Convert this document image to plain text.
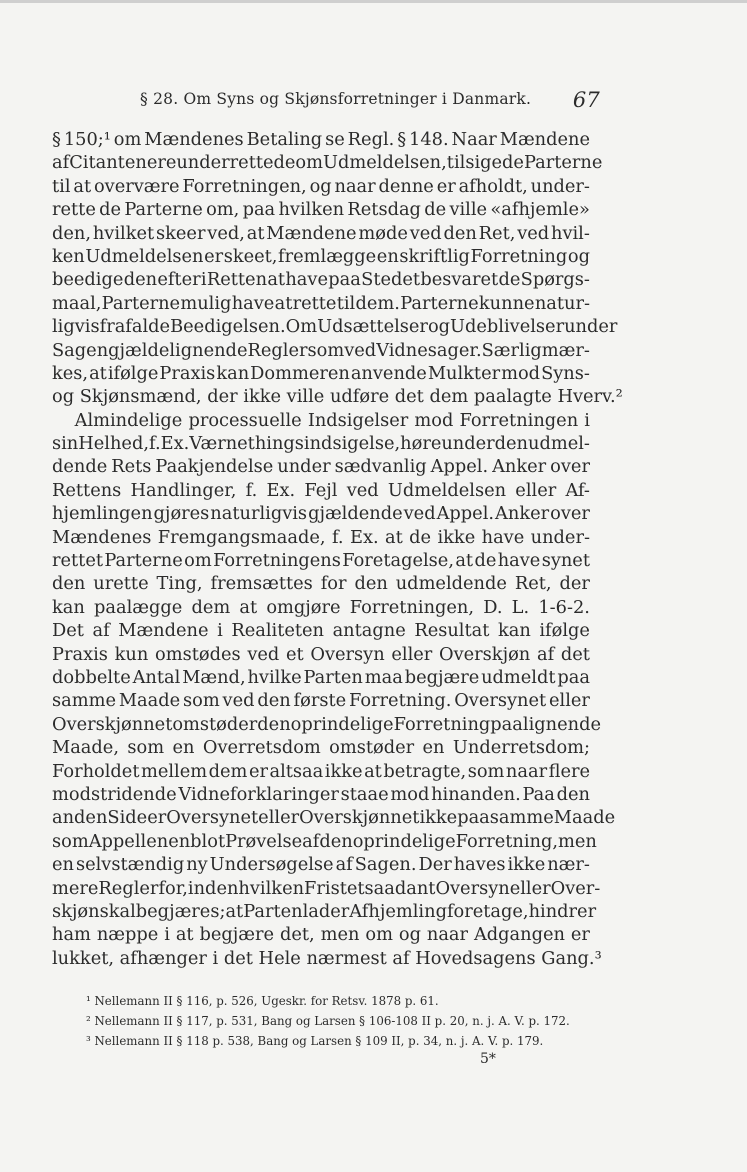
§ 28. Om Syns og Skjønsforretninger i Danmark. 67
§ 150;¹ om Mændenes Betaling se Regl. § 148. Naar Mændene
af Citanten ere underrettede om Udmeldelsen, tilsige de Parterne
til at overvære Forretningen, og naar denne er afholdt, under-
rette de Parterne om, paa hvilken Retsdag de ville «afhjemle»
den, hvilket skeer ved, at Mændene møde ved den Ret, ved hvil-
ken Udmeldelsen er skeet, fremlægge en skriftlig Forretning og
beedige den efter i Retten at have paa Stedet besvaret de Spørgs-
maal, Parterne mulig have at rette til dem. Parterne kunne natur-
ligvis frafalde Beedigelsen. Om Udsættelser og Udeblivelser under
Sagen gjælde lignende Regler som ved Vidnesager. Særlig mær-
kes, at ifølge Praxis kan Dommeren anvende Mulkter mod Syns-
og Skjønsmænd, der ikke ville udføre det dem paalagte Hverv.²
Almindelige processuelle Indsigelser mod Forretningen i
sin Helhed, f. Ex. Værnethingsindsigelse, høre under den udmel-
dende Rets Paakjendelse under sædvanlig Appel. Anker over
Rettens Handlinger, f. Ex. Fejl ved Udmeldelsen eller Af-
hjemlingen gjøres naturligvis gjældende ved Appel. Anker over
Mændenes Fremgangsmaade, f. Ex. at de ikke have under-
rettet Parterne om Forretningens Foretagelse, at de have synet
den urette Ting, fremsættes for den udmeldende Ret, der
kan paalægge dem at omgjøre Forretningen, D. L. 1-6-2.
Det af Mændene i Realiteten antagne Resultat kan ifølge
Praxis kun omstødes ved et Oversyn eller Overskjøn af det
dobbelte Antal Mænd, hvilke Parten maa begjære udmeldt paa
samme Maade som ved den første Forretning. Oversynet eller
Overskjønnet omstøder den oprindelige Forretning paa lignende
Maade, som en Overretsdom omstøder en Underretsdom;
Forholdet mellem dem er altsaa ikke at betragte, som naar flere
modstridende Vidneforklaringer staae mod hinanden. Paa den
anden Side er Oversynet eller Overskjønnet ikke paa samme Maade
som Appellen en blot Prøvelse af den oprindelige Forretning, men
en selvstændig ny Undersøgelse af Sagen. Der haves ikke nær-
mere Regler for, inden hvilken Frist et saadant Oversyn eller Over-
skjøn skal begjæres; at Parten lader Afhjemling foretage, hindrer
ham næppe i at begjære det, men om og naar Adgangen er
lukket, afhænger i det Hele nærmest af Hovedsagens Gang.³
¹ Nellemann II § 116, p. 526, Ugeskr. for Retsv. 1878 p. 61.
² Nellemann II § 117, p. 531, Bang og Larsen § 106-108 II p. 20, n. j. A. V. p. 172.
³ Nellemann II § 118 p. 538, Bang og Larsen § 109 II, p. 34, n. j. A. V. p. 179.
5*
